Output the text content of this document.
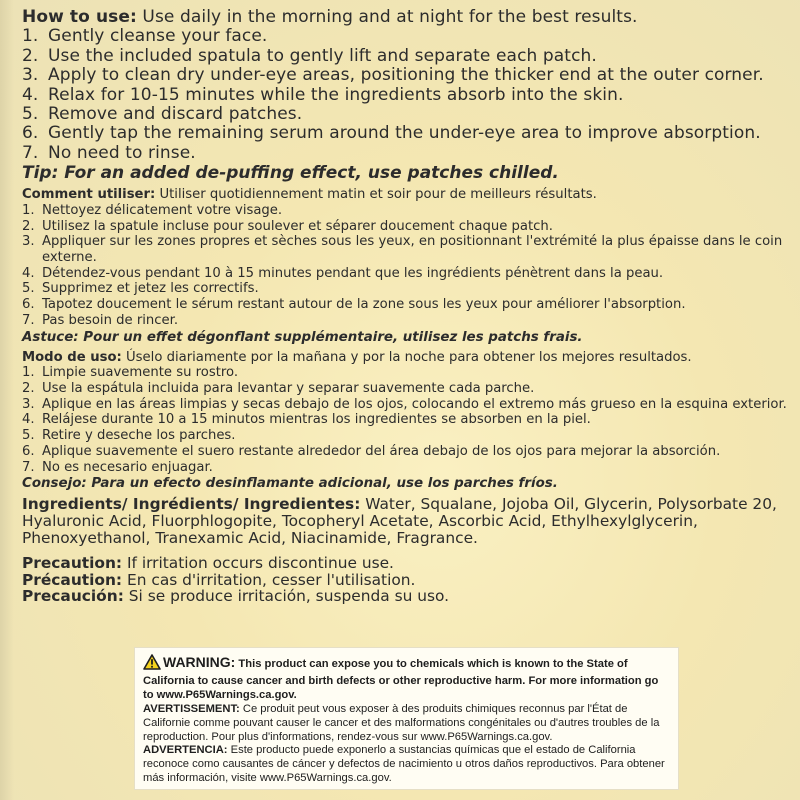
How to use: Use daily in the morning and at night for the best results.

1. Gently cleanse your face.
2. Use the included spatula to gently lift and separate each patch.
3. Apply to clean dry under-eye areas, positioning the thicker end at the outer corner.
4. Relax for 10-15 minutes while the ingredients absorb into the skin.
5. Remove and discard patches.
6. Gently tap the remaining serum around the under-eye area to improve absorption.
7. No need to rinse.

Tip: For an added de-puffing effect, use patches chilled.

Comment utiliser: Utiliser quotidiennement matin et soir pour de meilleurs résultats.

1. Nettoyez délicatement votre visage.
2. Utilisez la spatule incluse pour soulever et séparer doucement chaque patch.
3. Appliquer sur les zones propres et sèches sous les yeux, en positionnant l'extrémité la plus épaisse dans le coin externe.
4. Détendez-vous pendant 10 à 15 minutes pendant que les ingrédients pénètrent dans la peau.
5. Supprimez et jetez les correctifs.
6. Tapotez doucement le sérum restant autour de la zone sous les yeux pour améliorer l'absorption.
7. Pas besoin de rincer.

Astuce: Pour un effet dégonflant supplémentaire, utilisez les patchs frais.

Modo de uso: Úselo diariamente por la mañana y por la noche para obtener los mejores resultados.

1. Limpie suavemente su rostro.
2. Use la espátula incluida para levantar y separar suavemente cada parche.
3. Aplique en las áreas limpias y secas debajo de los ojos, colocando el extremo más grueso en la esquina exterior.
4. Relájese durante 10 a 15 minutos mientras los ingredientes se absorben en la piel.
5. Retire y deseche los parches.
6. Aplique suavemente el suero restante alrededor del área debajo de los ojos para mejorar la absorción.
7. No es necesario enjuagar.

Consejo: Para un efecto desinflamante adicional, use los parches fríos.

Ingredients/ Ingrédients/ Ingredientes: Water, Squalane, Jojoba Oil, Glycerin, Polysorbate 20, Hyaluronic Acid, Fluorphlogopite, Tocopheryl Acetate, Ascorbic Acid, Ethylhexylglycerin, Phenoxyethanol, Tranexamic Acid, Niacinamide, Fragrance.

Precaution: If irritation occurs discontinue use.

Précaution: En cas d'irritation, cesser l'utilisation.

Precaución: Si se produce irritación, suspenda su uso.

WARNING: This product can expose you to chemicals which is known to the State of California to cause cancer and birth defects or other reproductive harm. For more information go to www.P65Warnings.ca.gov.

AVERTISSEMENT: Ce produit peut vous exposer à des produits chimiques reconnus par l'État de Californie comme pouvant causer le cancer et des malformations congénitales ou d'autres troubles de la reproduction. Pour plus d'informations, rendez-vous sur www.P65Warnings.ca.gov.

ADVERTENCIA: Este producto puede exponerlo a sustancias químicas que el estado de California reconoce como causantes de cáncer y defectos de nacimiento u otros daños reproductivos. Para obtener más información, visite www.P65Warnings.ca.gov.
